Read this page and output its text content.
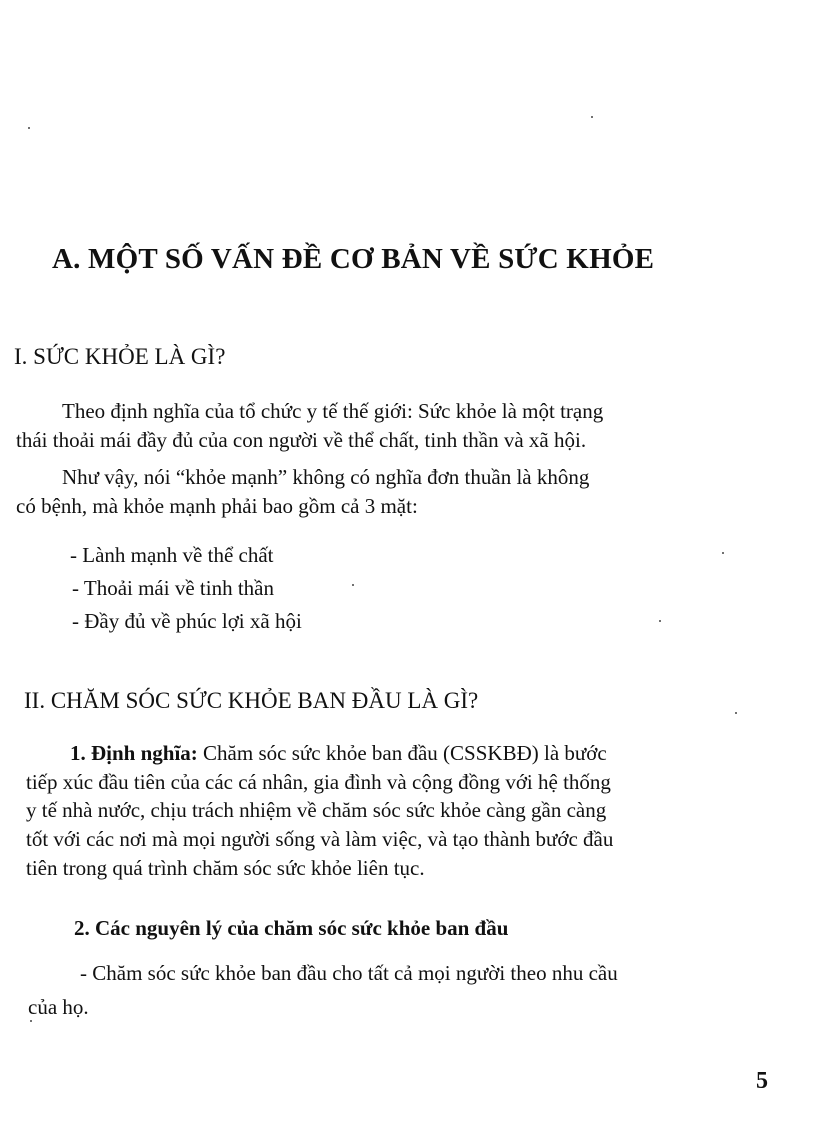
A. MỘT SỐ VẤN ĐỀ CƠ BẢN VỀ SỨC KHỎE
I. SỨC KHỎE LÀ GÌ?
Theo định nghĩa của tổ chức y tế thế giới: Sức khỏe là một trạng
thái thoải mái đầy đủ của con người về thể chất, tinh thần và xã hội.
Như vậy, nói “khỏe mạnh” không có nghĩa đơn thuần là không
có bệnh, mà khỏe mạnh phải bao gồm cả 3 mặt:
- Lành mạnh về thể chất
- Thoải mái về tinh thần
- Đầy đủ về phúc lợi xã hội
II. CHĂM SÓC SỨC KHỎE BAN ĐẦU LÀ GÌ?
1. Định nghĩa: Chăm sóc sức khỏe ban đầu (CSSKBĐ) là bước
tiếp xúc đầu tiên của các cá nhân, gia đình và cộng đồng với hệ thống
y tế nhà nước, chịu trách nhiệm về chăm sóc sức khỏe càng gần càng
tốt với các nơi mà mọi người sống và làm việc, và tạo thành bước đầu
tiên trong quá trình chăm sóc sức khỏe liên tục.
2. Các nguyên lý của chăm sóc sức khỏe ban đầu
- Chăm sóc sức khỏe ban đầu cho tất cả mọi người theo nhu cầu
của họ.
5
